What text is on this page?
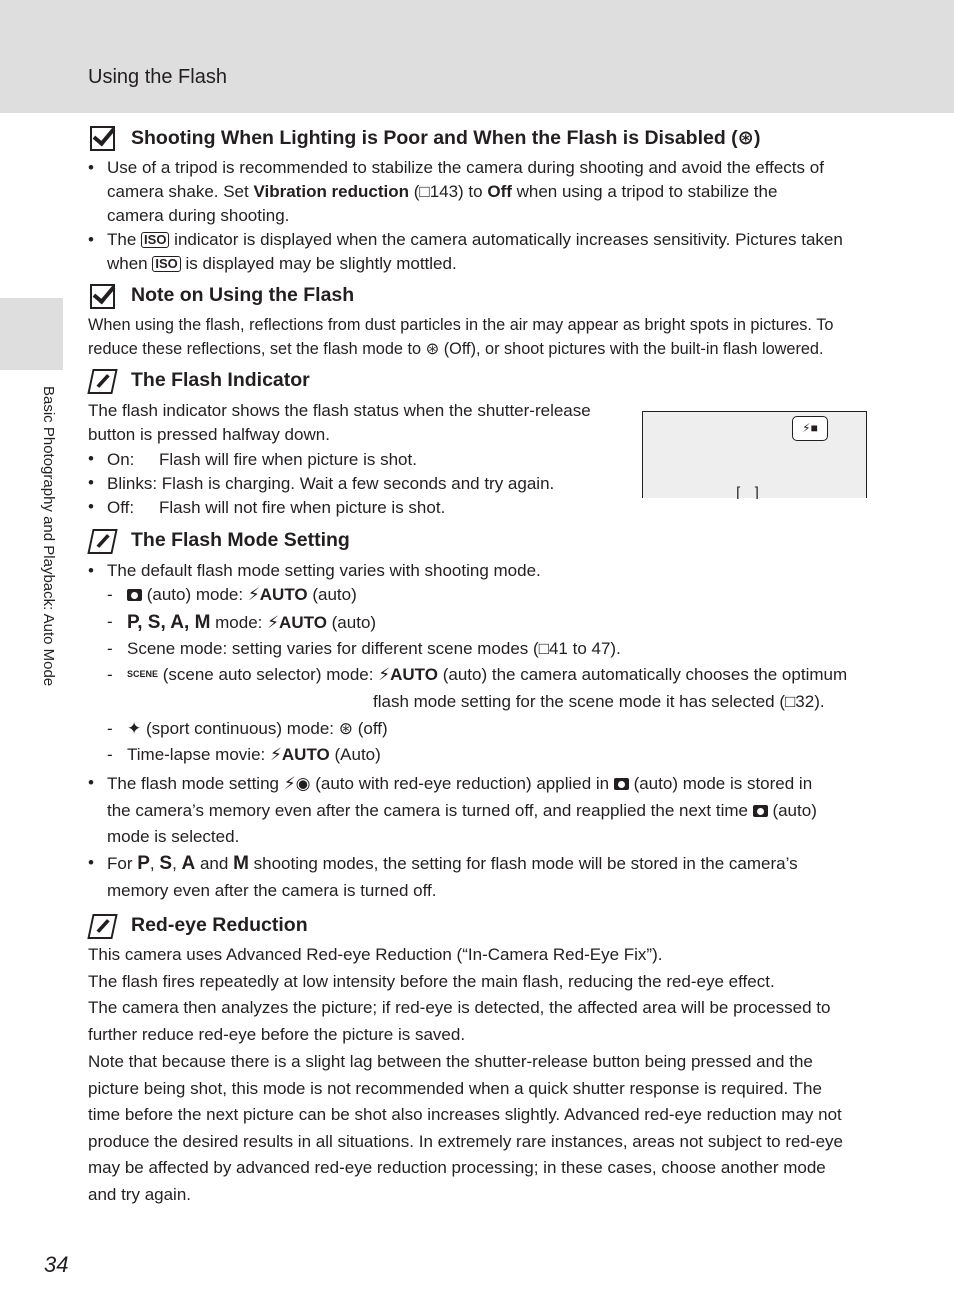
Using the Flash
Basic Photography and Playback: Auto Mode
Shooting When Lighting is Poor and When the Flash is Disabled (⊛)
• Use of a tripod is recommended to stabilize the camera during shooting and avoid the effects of
camera shake. Set Vibration reduction (□143) to Off when using a tripod to stabilize the
camera during shooting.
• The ISO indicator is displayed when the camera automatically increases sensitivity. Pictures taken
when ISO is displayed may be slightly mottled.
Note on Using the Flash
When using the flash, reflections from dust particles in the air may appear as bright spots in pictures. To
reduce these reflections, set the flash mode to ⊛ (Off), or shoot pictures with the built-in flash lowered.
The Flash Indicator
The flash indicator shows the flash status when the shutter-release
button is pressed halfway down.
• On: Flash will fire when picture is shot.
• Blinks: Flash is charging. Wait a few seconds and try again.
• Off: Flash will not fire when picture is shot.
⚡■
⌈⌉
The Flash Mode Setting
• The default flash mode setting varies with shooting mode.
-	(auto) mode: ⚡AUTO (auto)
- P, S, A, M mode: ⚡AUTO (auto)
- Scene mode: setting varies for different scene modes (□41 to 47).
- SCENE (scene auto selector) mode: ⚡AUTO (auto) the camera automatically chooses the optimum
flash mode setting for the scene mode it has selected (□32).
- ✦ (sport continuous) mode: ⊛ (off)
- Time-lapse movie: ⚡AUTO (Auto)
• The flash mode setting ⚡◉ (auto with red-eye reduction) applied in  (auto) mode is stored in
the camera’s memory even after the camera is turned off, and reapplied the next time  (auto)
mode is selected.
• For P, S, A and M shooting modes, the setting for flash mode will be stored in the camera’s
memory even after the camera is turned off.
Red-eye Reduction
This camera uses Advanced Red-eye Reduction (“In-Camera Red-Eye Fix”).
The flash fires repeatedly at low intensity before the main flash, reducing the red-eye effect.
The camera then analyzes the picture; if red-eye is detected, the affected area will be processed to
further reduce red-eye before the picture is saved.
Note that because there is a slight lag between the shutter-release button being pressed and the
picture being shot, this mode is not recommended when a quick shutter response is required. The
time before the next picture can be shot also increases slightly. Advanced red-eye reduction may not
produce the desired results in all situations. In extremely rare instances, areas not subject to red-eye
may be affected by advanced red-eye reduction processing; in these cases, choose another mode
and try again.
34
